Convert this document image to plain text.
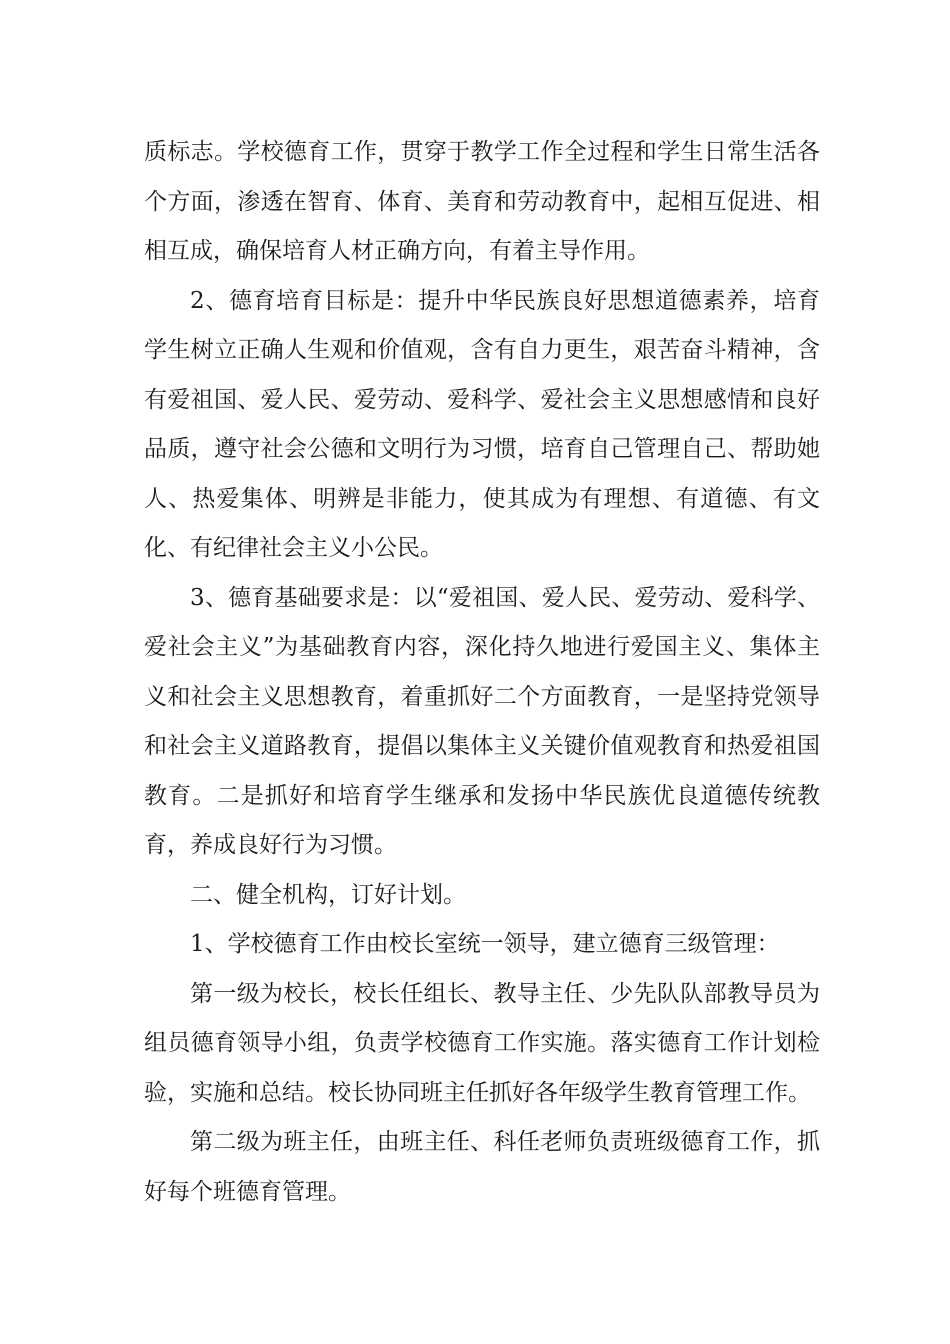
质标志。学校德育工作，贯穿于教学工作全过程和学生日常生活各个方面，渗透在智育、体育、美育和劳动教育中，起相互促进、相相互成，确保培育人材正确方向，有着主导作用。

2、德育培育目标是：提升中华民族良好思想道德素养，培育学生树立正确人生观和价值观，含有自力更生，艰苦奋斗精神，含有爱祖国、爱人民、爱劳动、爱科学、爱社会主义思想感情和良好品质，遵守社会公德和文明行为习惯，培育自己管理自己、帮助她人、热爱集体、明辨是非能力，使其成为有理想、有道德、有文化、有纪律社会主义小公民。

3、德育基础要求是：以“爱祖国、爱人民、爱劳动、爱科学、爱社会主义”为基础教育内容，深化持久地进行爱国主义、集体主义和社会主义思想教育，着重抓好二个方面教育，一是坚持党领导和社会主义道路教育，提倡以集体主义关键价值观教育和热爱祖国教育。二是抓好和培育学生继承和发扬中华民族优良道德传统教育，养成良好行为习惯。

二、健全机构，订好计划。

1、学校德育工作由校长室统一领导，建立德育三级管理：

第一级为校长，校长任组长、教导主任、少先队队部教导员为组员德育领导小组，负责学校德育工作实施。落实德育工作计划检验，实施和总结。校长协同班主任抓好各年级学生教育管理工作。

第二级为班主任，由班主任、科任老师负责班级德育工作，抓好每个班德育管理。
